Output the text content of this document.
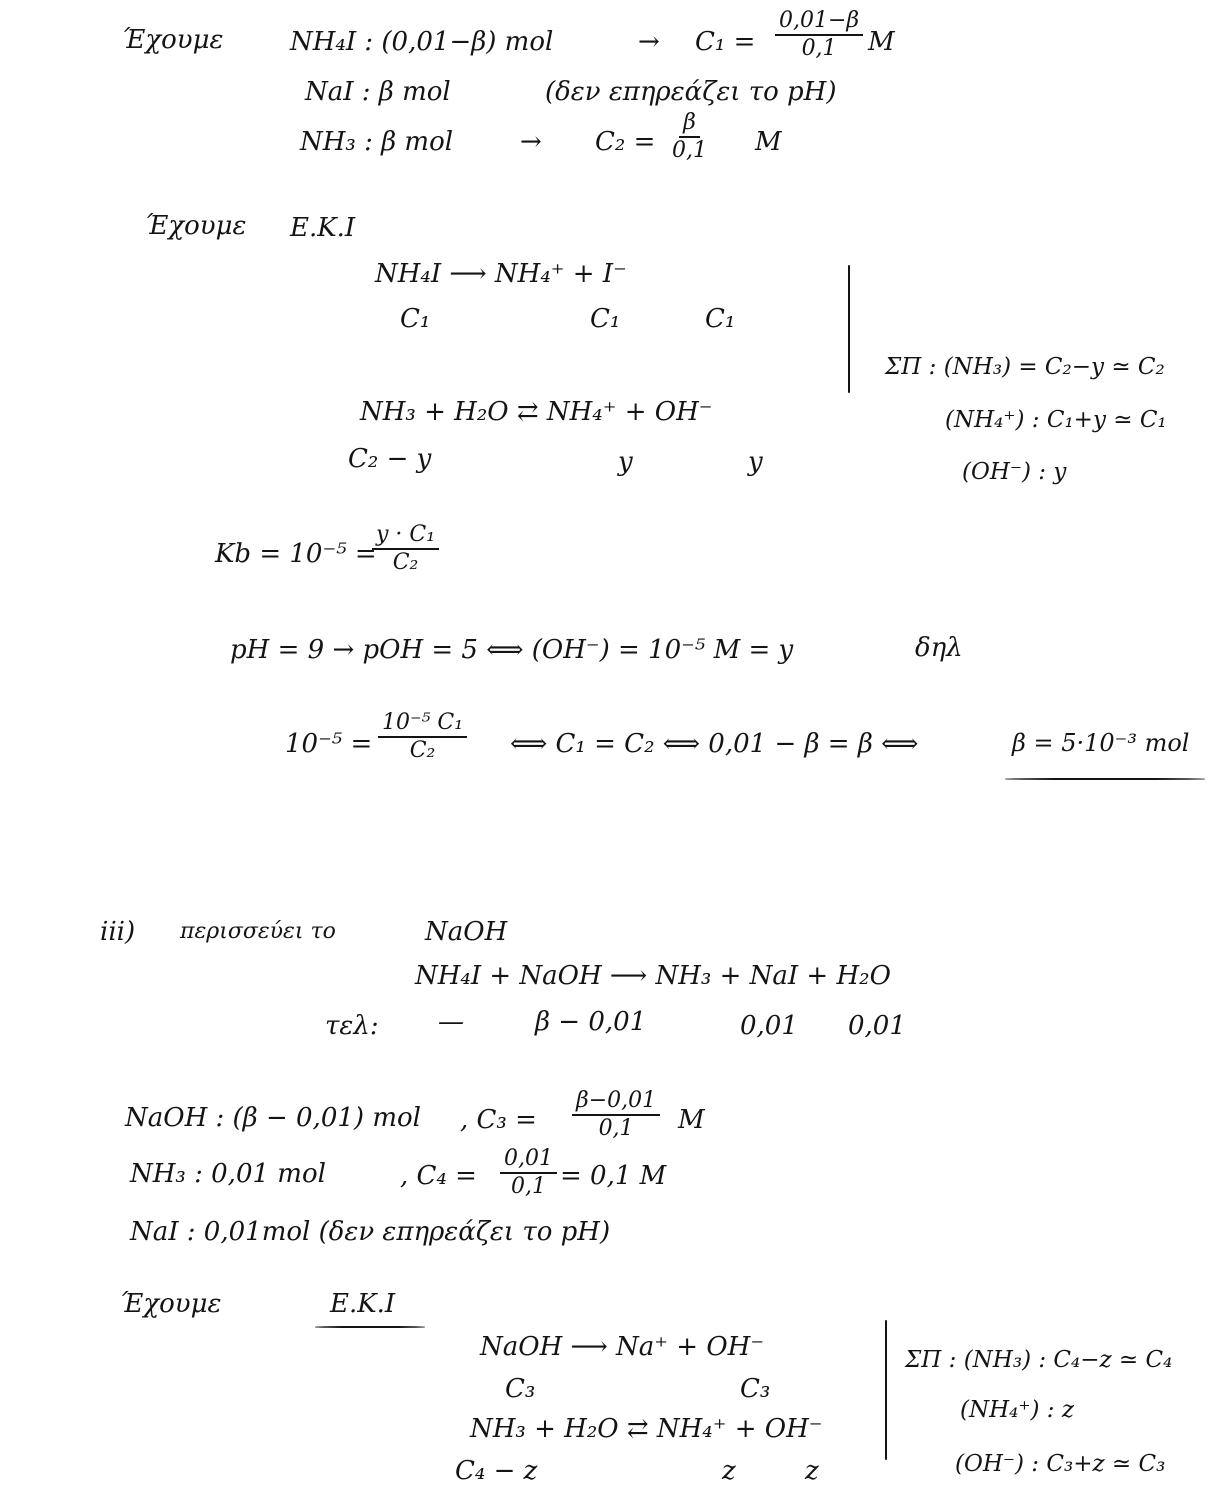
Έχουμε	NH₄I : (0,01−β) mol	→ $C_1 = \frac{0,01-\beta}{0,1}$ M
NaI : β mol	(δεν επηρεάζει το pH)
NH₃ : β mol	→ $C_2 = \frac{\beta}{0,1}$ M
Έχουμε Ε.Κ.Ι
NH₄I ⟶ NH₄⁺ + I⁻
C₁	C₁	C₁
NH₃ + H₂O ⇄ NH₄⁺ + OH⁻
C₂ − y	y	y
ΣΠ : (NH₃) = C₂−y ≃ C₂
(NH₄⁺) : C₁+y ≃ C₁
(OH⁻) : y
Kb = 10⁻⁵ =
$\frac{\text{y · C₁}}{\text{C₂}}$
pH = 9 → pOH = 5 ⟺ (OH⁻) = 10⁻⁵ M = y	δηλ
$10^{-5} = \frac{\text{10⁻⁵ C₁}}{\text{C₂}}$ ⟺ C₁ = C₂ ⟺ 0,01 − β = β ⟺	β = 5·10⁻³ mol
iii) περισσεύει το	NaOH
NH₄I + NaOH ⟶ NH₃ + NaI + H₂O
τελ: —	β − 0,01	0,01 0,01
NaOH : (β − 0,01) mol , $C_3 = \frac{\beta-0,01}{0,1}$ M
NH₃ : 0,01 mol	, $C_4 = \frac{0,01}{0,1} = 0,1$ M
NaI : 0,01mol (δεν επηρεάζει το pH)
Έχουμε	Ε.Κ.Ι
NaOH ⟶ Na⁺ + OH⁻
C₃	C₃
NH₃ + H₂O ⇄ NH₄⁺ + OH⁻
C₄ − z	z	z
ΣΠ : (NH₃) : C₄−z ≃ C₄
(NH₄⁺) : z
(OH⁻) : C₃+z ≃ C₃
